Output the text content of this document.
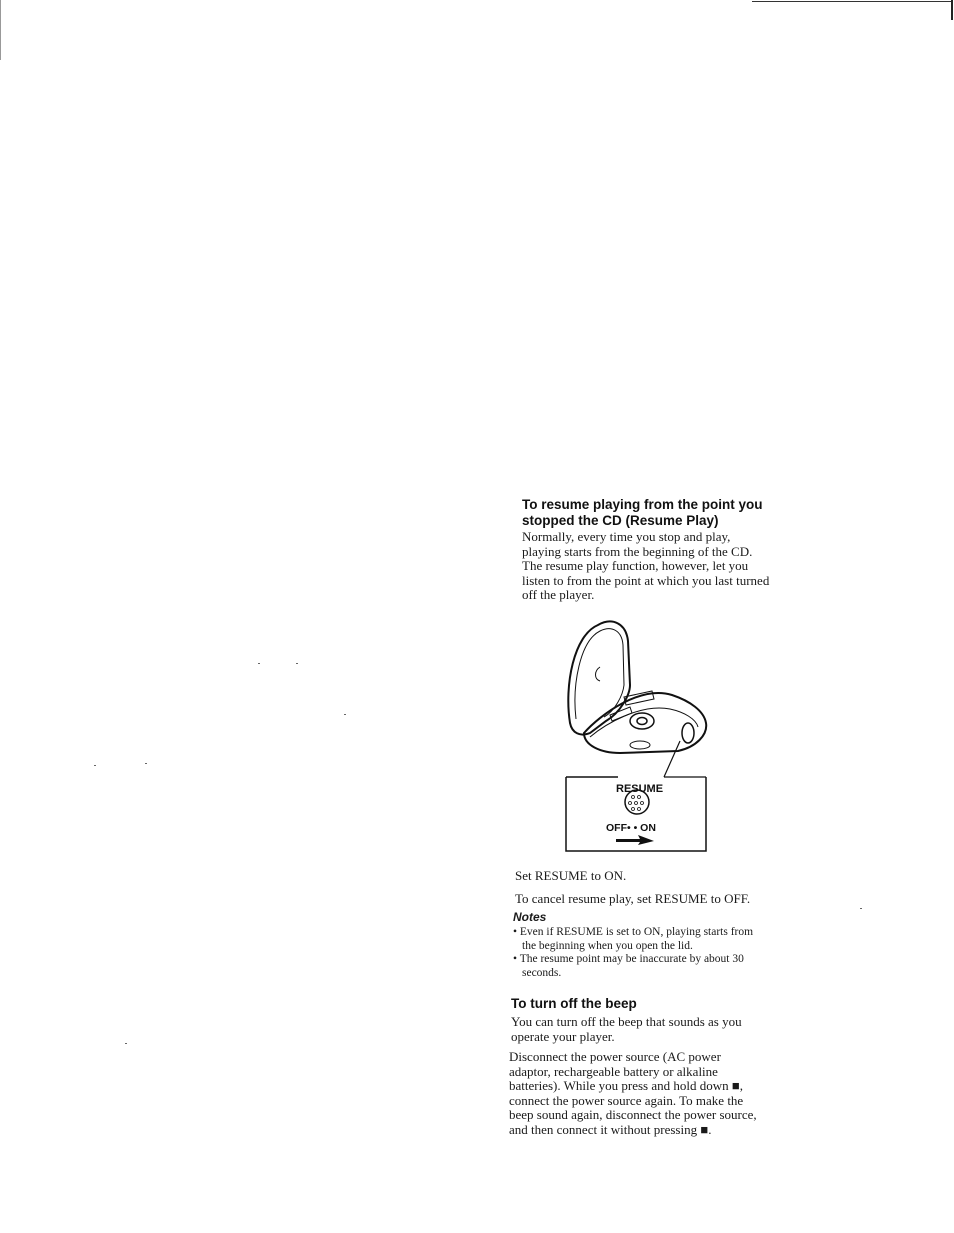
To resume playing from the point you stopped the CD (Resume Play)

Normally, every time you stop and play, playing starts from the beginning of the CD. The resume play function, however, let you listen to from the point at which you last turned off the player.

RESUME
OFF• • ON

Set RESUME to ON.

To cancel resume play, set RESUME to OFF.

Notes

• Even if RESUME is set to ON, playing starts from the beginning when you open the lid.
• The resume point may be inaccurate by about 30 seconds.
To turn off the beep

You can turn off the beep that sounds as you operate your player.

Disconnect the power source (AC power adaptor, rechargeable battery or alkaline batteries). While you press and hold down ■, connect the power source again. To make the beep sound again, disconnect the power source, and then connect it without pressing ■.
